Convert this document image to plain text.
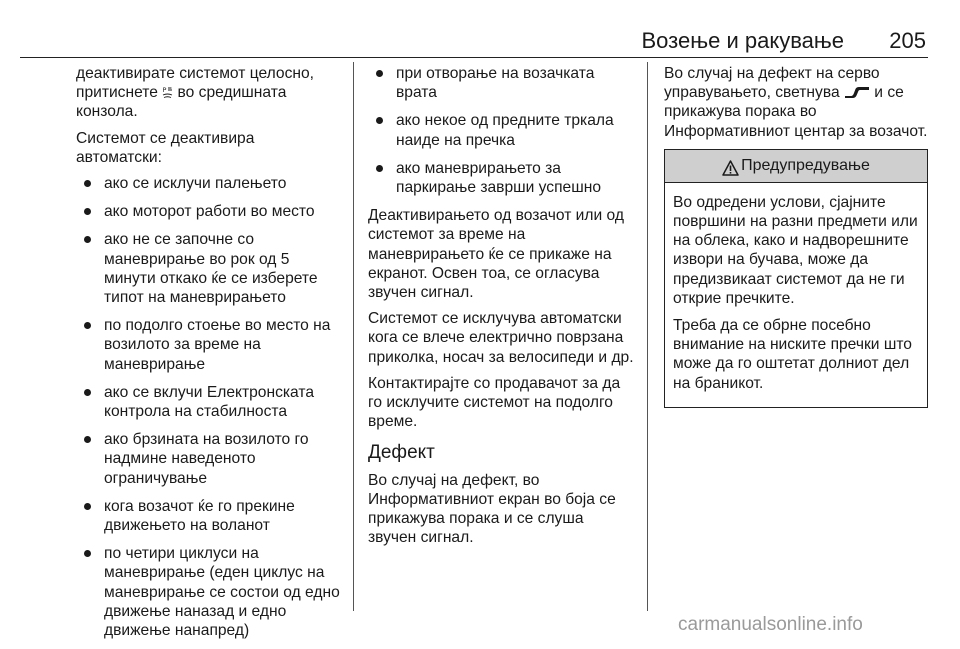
Возење и ракување 205

деактивирате системот целосно, притиснете P во средишната конзола.

Системот се деактивира автоматски:

ако се исклучи палењето
ако моторот работи во место
ако не се започне со маневрирање во рок од 5 минути откако ќе се изберете типот на маневрирањето
по подолго стоење во место на возилото за време на маневрирање
ако се вклучи Електронската контрола на стабилноста
ако брзината на возилото го надмине наведеното ограничување
кога возачот ќе го прекине движењето на воланот
по четири циклуси на маневрирање (еден циклус на маневрирање се состои од едно движење наназад и едно движење нанапред)
при отворање на возачката врата
ако некое од предните тркала наиде на пречка
ако маневрирањето за паркирање заврши успешно

Деактивирањето од возачот или од системот за време на маневрирањето ќе се прикаже на екранот. Освен тоа, се огласува звучен сигнал.

Системот се исклучува автоматски кога се влече електрично поврзана приколка, носач за велосипеди и др.

Контактирајте со продавачот за да го исклучите системот на подолго време.

Дефект

Во случај на дефект, во Информативниот екран во боја се прикажува порака и се слуша звучен сигнал.

Во случај на дефект на серво управувањето, светнува
и се прикажува порака во Информативниот центар за возачот.

Предупредување

Во одредени услови, сјајните површини на разни предмети или на облека, како и надворешните извори на бучава, може да предизвикаат системот да не ги открие пречките.

Треба да се обрне посебно внимание на ниските пречки што може да го оштетат долниот дел на браникот.

carmanualsonline.info
